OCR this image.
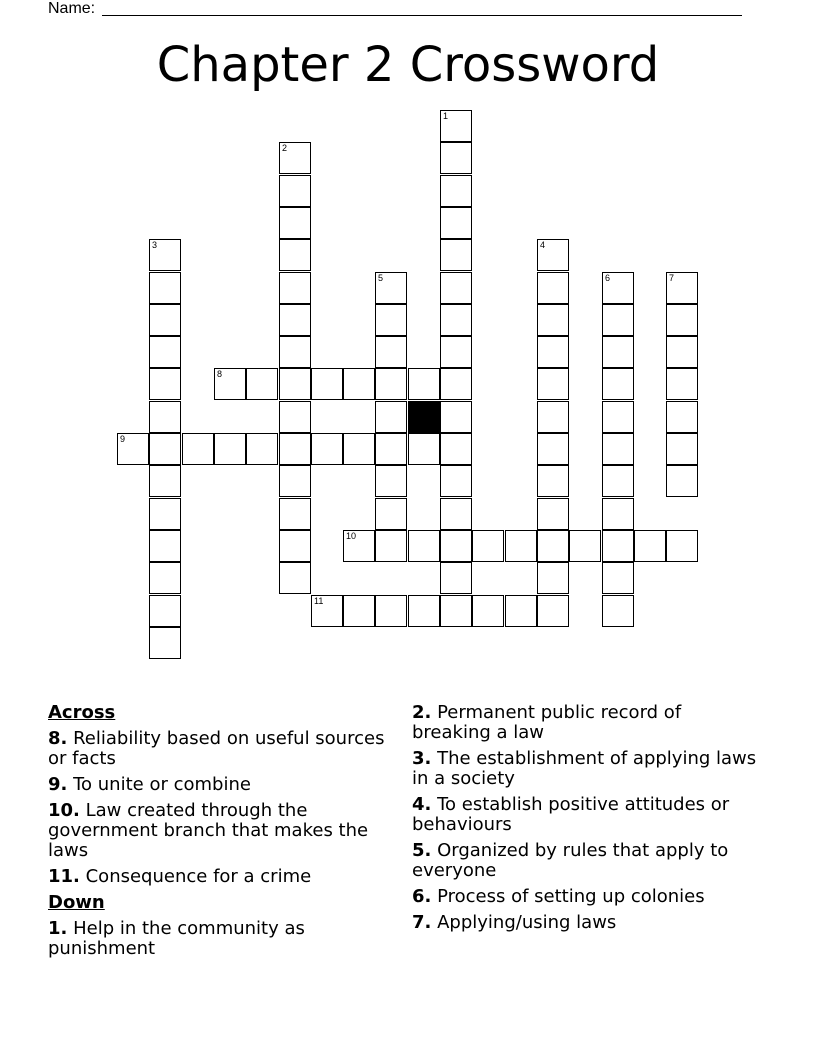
Name:
Chapter 2 Crossword
1
2
3	4
5	6	7
8
9
10
11
Across
8. Reliability based on useful sources or facts
9. To unite or combine
10. Law created through the government branch that makes the laws
11. Consequence for a crime
Down
1. Help in the community as punishment
2. Permanent public record of breaking a law
3. The establishment of applying laws in a society
4. To establish positive attitudes or behaviours
5. Organized by rules that apply to everyone
6. Process of setting up colonies
7. Applying/using laws
